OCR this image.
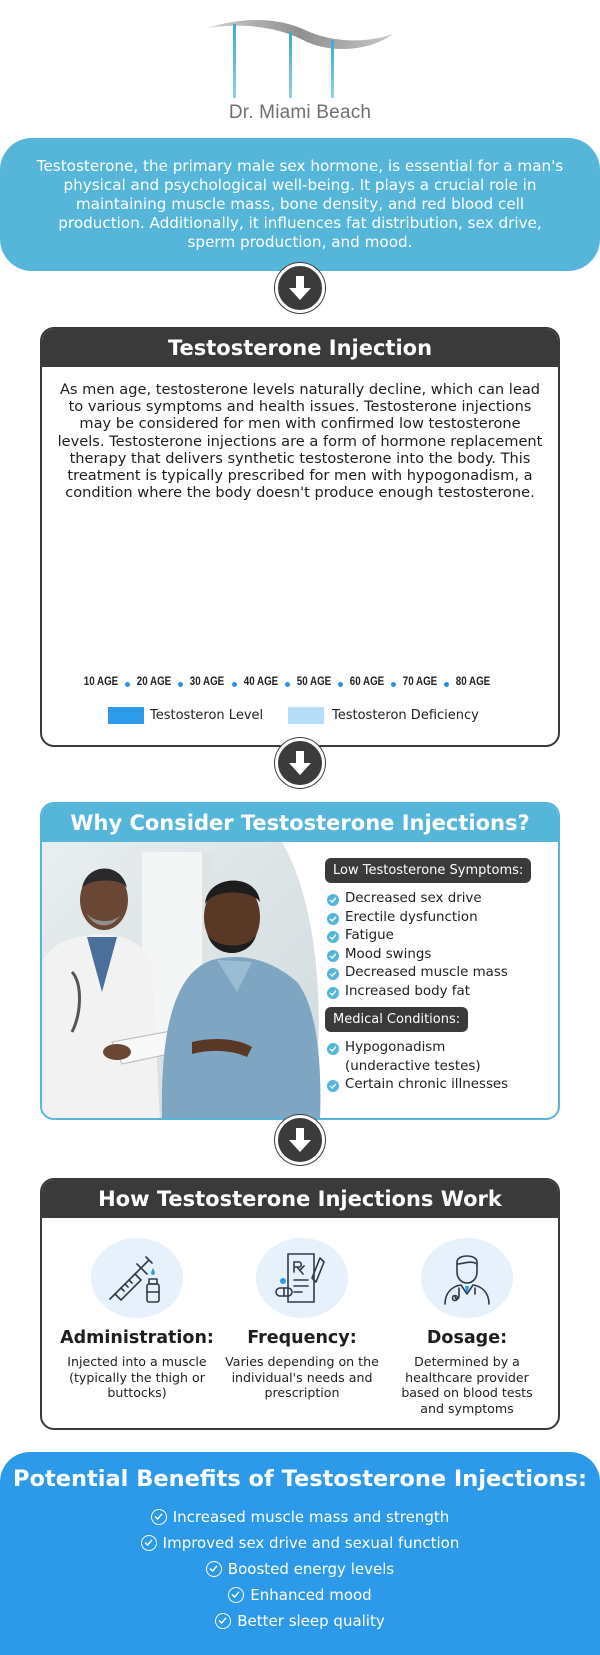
Dr. Miami Beach

Testosterone, the primary male sex hormone, is essential for a man's physical and psychological well-being. It plays a crucial role in maintaining muscle mass, bone density, and red blood cell production. Additionally, it influences fat distribution, sex drive, sperm production, and mood.

Testosterone Injection

As men age, testosterone levels naturally decline, which can lead to various symptoms and health issues. Testosterone injections may be considered for men with confirmed low testosterone levels. Testosterone injections are a form of hormone replacement therapy that delivers synthetic testosterone into the body. This treatment is typically prescribed for men with hypogonadism, a condition where the body doesn't produce enough testosterone.

10 AGE	20 AGE	30 AGE	40 AGE	50 AGE	60 AGE	70 AGE	80 AGE
Testosteron Level	Testosteron Deficiency
Why Consider Testosterone Injections?
Low Testosterone Symptoms:
Decreased sex drive
Erectile dysfunction
Fatigue
Mood swings
Decreased muscle mass
Increased body fat
Medical Conditions:
Hypogonadism
(underactive testes)
Certain chronic illnesses
How Testosterone Injections Work
Administration:
Injected into a muscle (typically the thigh or buttocks)
Frequency:
Varies depending on the individual's needs and prescription
Dosage:
Determined by a healthcare provider based on blood tests and symptoms
Potential Benefits of Testosterone Injections:
Increased muscle mass and strength
Improved sex drive and sexual function
Boosted energy levels
Enhanced mood
Better sleep quality
